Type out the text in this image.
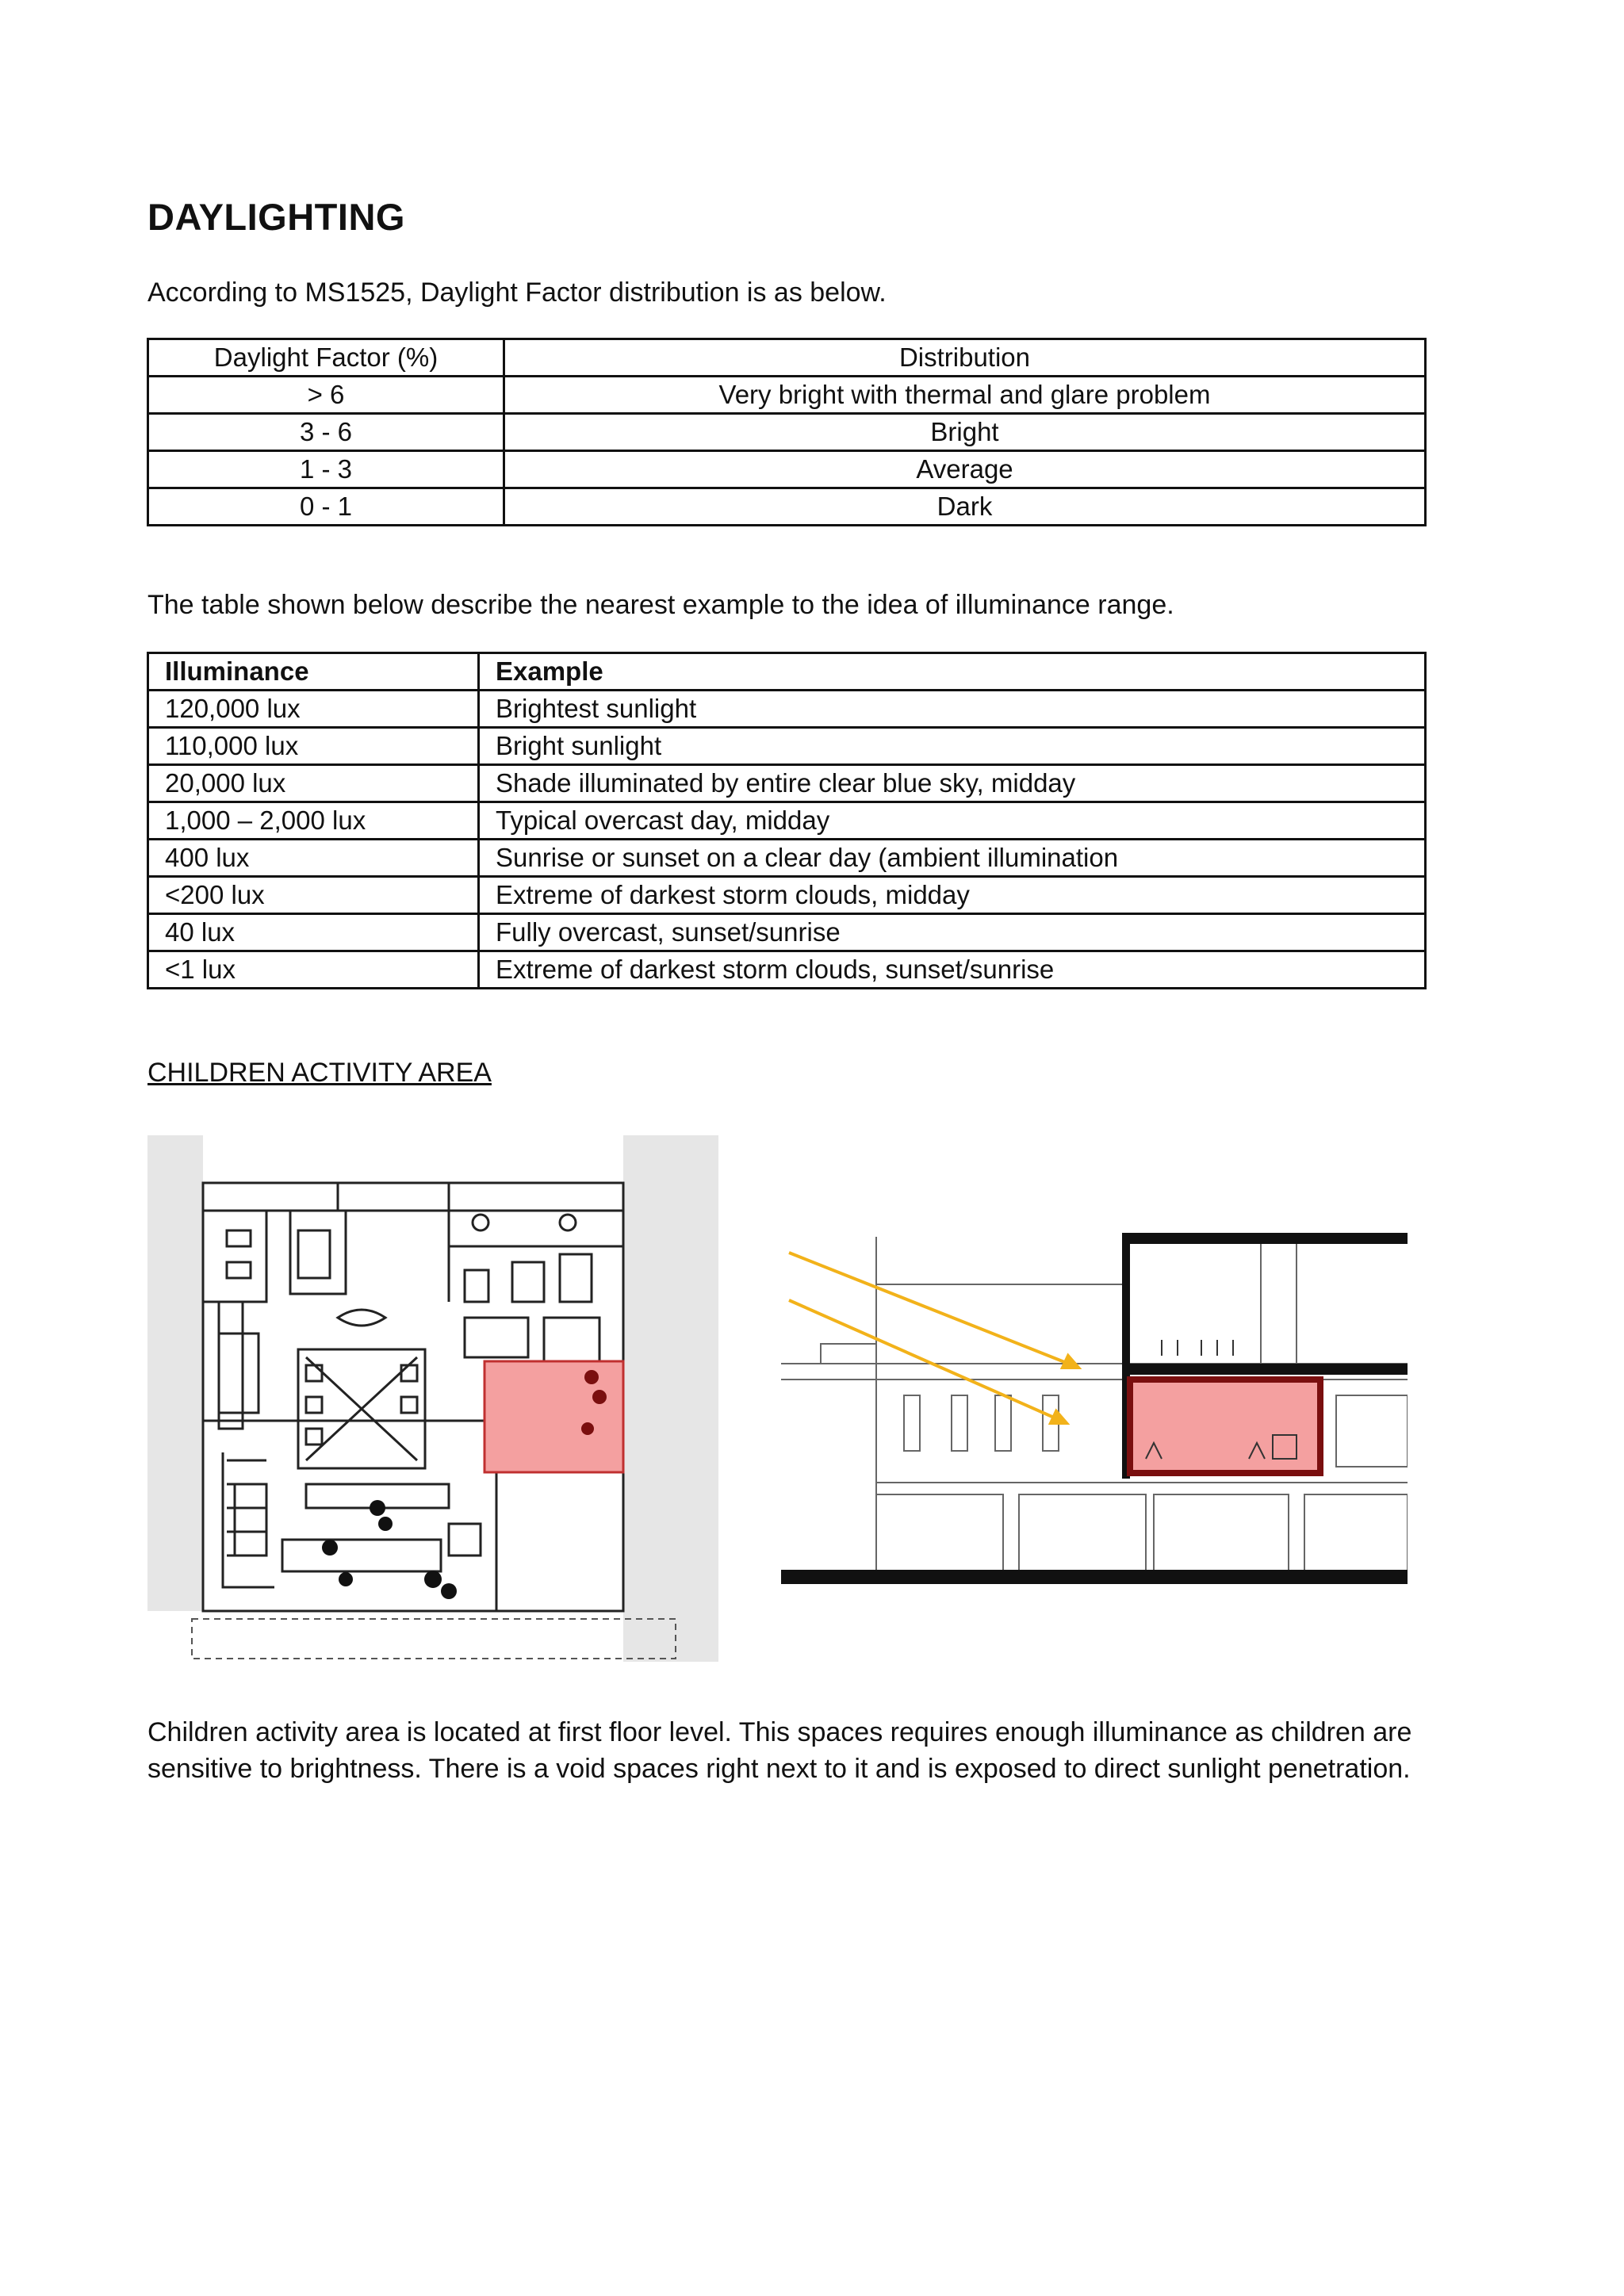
DAYLIGHTING

According to MS1525, Daylight Factor distribution is as below.

Daylight Factor (%)	Distribution
> 6	Very bright with thermal and glare problem
3 - 6	Bright
1 - 3	Average
0 - 1	Dark

The table shown below describe the nearest example to the idea of illuminance range.

Illuminance	Example
120,000 lux	Brightest sunlight
110,000 lux	Bright sunlight
20,000 lux	Shade illuminated by entire clear blue sky, midday
1,000 – 2,000 lux	Typical overcast day, midday
400 lux	Sunrise or sunset on a clear day (ambient illumination
<200 lux	Extreme of darkest storm clouds, midday
40 lux	Fully overcast, sunset/sunrise
<1 lux	Extreme of darkest storm clouds, sunset/sunrise

CHILDREN ACTIVITY AREA

Children activity area is located at first floor level. This spaces requires enough illuminance as children are sensitive to brightness. There is a void spaces right next to it and is exposed to direct sunlight penetration.
